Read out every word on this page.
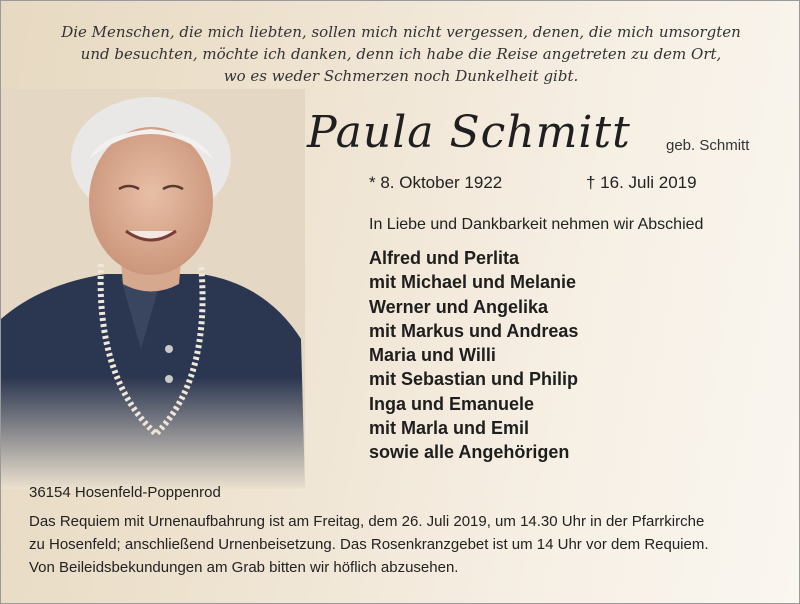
Die Menschen, die mich liebten, sollen mich nicht vergessen, denen, die mich umsorgten
und besuchten, möchte ich danken, denn ich habe die Reise angetreten zu dem Ort,
wo es weder Schmerzen noch Dunkelheit gibt.
Paula Schmitt geb. Schmitt
* 8. Oktober 1922	† 16. Juli 2019
In Liebe und Dankbarkeit nehmen wir Abschied
Alfred und Perlita
mit Michael und Melanie
Werner und Angelika
mit Markus und Andreas
Maria und Willi
mit Sebastian und Philip
Inga und Emanuele
mit Marla und Emil
sowie alle Angehörigen
36154 Hosenfeld-Poppenrod
Das Requiem mit Urnenaufbahrung ist am Freitag, dem 26. Juli 2019, um 14.30 Uhr in der Pfarrkirche
zu Hosenfeld; anschließend Urnenbeisetzung. Das Rosenkranzgebet ist um 14 Uhr vor dem Requiem.
Von Beileidsbekundungen am Grab bitten wir höflich abzusehen.
